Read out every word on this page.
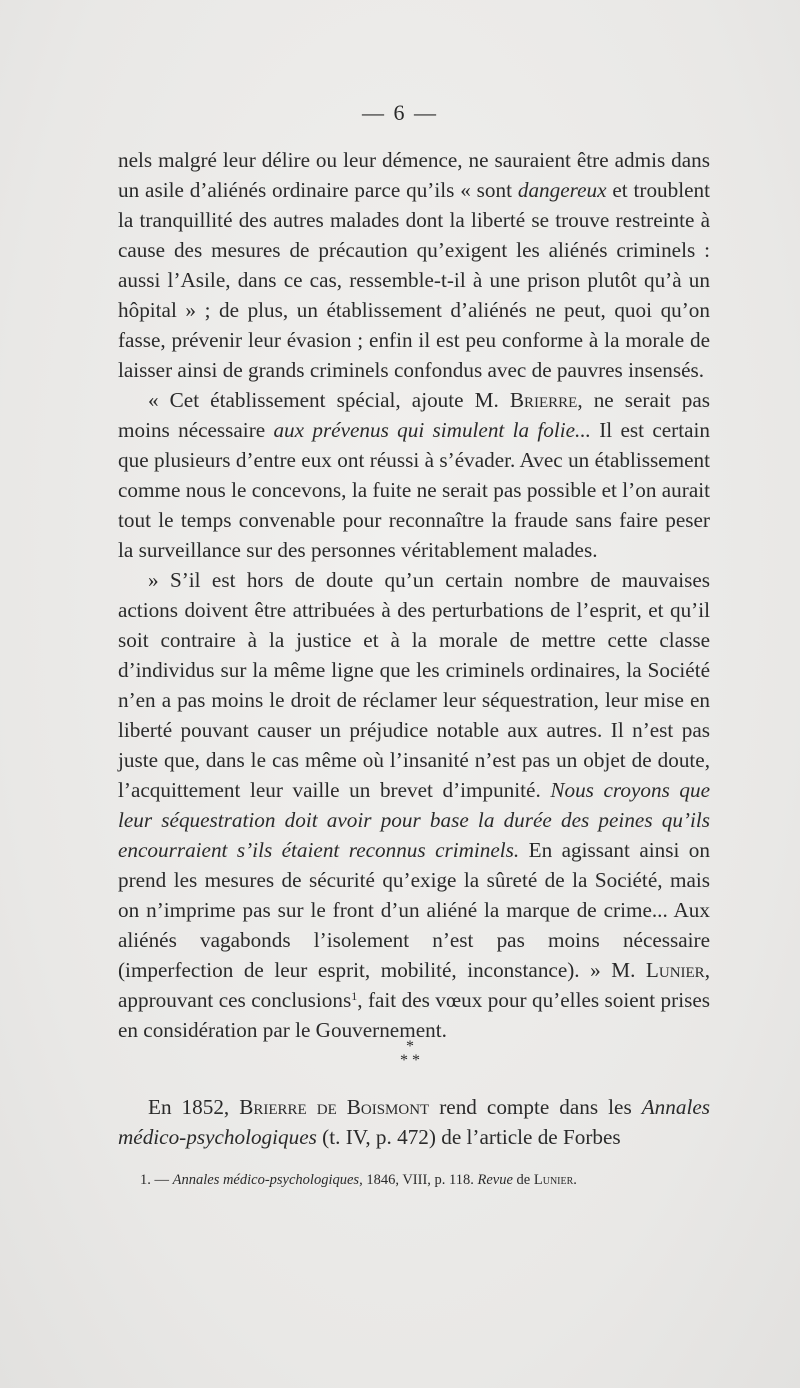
— 6 —

nels malgré leur délire ou leur démence, ne sauraient être admis dans un asile d’aliénés ordinaire parce qu’ils « sont dangereux et troublent la tranquillité des autres malades dont la liberté se trouve restreinte à cause des mesures de précaution qu’exigent les aliénés criminels : aussi l’Asile, dans ce cas, ressemble-t-il à une prison plutôt qu’à un hôpital » ; de plus, un établissement d’aliénés ne peut, quoi qu’on fasse, prévenir leur évasion ; enfin il est peu conforme à la morale de laisser ainsi de grands criminels confondus avec de pauvres insensés.

« Cet établissement spécial, ajoute M. Brierre, ne serait pas moins nécessaire aux prévenus qui simulent la folie... Il est certain que plusieurs d’entre eux ont réussi à s’évader. Avec un établissement comme nous le concevons, la fuite ne serait pas possible et l’on aurait tout le temps convenable pour reconnaître la fraude sans faire peser la surveillance sur des personnes véritablement malades.

» S’il est hors de doute qu’un certain nombre de mauvaises actions doivent être attribuées à des perturbations de l’esprit, et qu’il soit contraire à la justice et à la morale de mettre cette classe d’individus sur la même ligne que les criminels ordinaires, la Société n’en a pas moins le droit de réclamer leur séquestration, leur mise en liberté pouvant causer un préjudice notable aux autres. Il n’est pas juste que, dans le cas même où l’insanité n’est pas un objet de doute, l’acquittement leur vaille un brevet d’impunité. Nous croyons que leur séquestration doit avoir pour base la durée des peines qu’ils encourraient s’ils étaient reconnus criminels. En agissant ainsi on prend les mesures de sécurité qu’exige la sûreté de la Société, mais on n’imprime pas sur le front d’un aliéné la marque de crime... Aux aliénés vagabonds l’isolement n’est pas moins nécessaire (imperfection de leur esprit, mobilité, inconstance). » M. Lunier, approuvant ces conclusions$^1$, fait des vœux pour qu’elles soient prises en considération par le Gouvernement.

*
* *

En 1852, Brierre de Boismont rend compte dans les Annales médico-psychologiques (t. IV, p. 472) de l’article de Forbes

1. — Annales médico-psychologiques, 1846, VIII, p. 118. Revue de Lunier.
